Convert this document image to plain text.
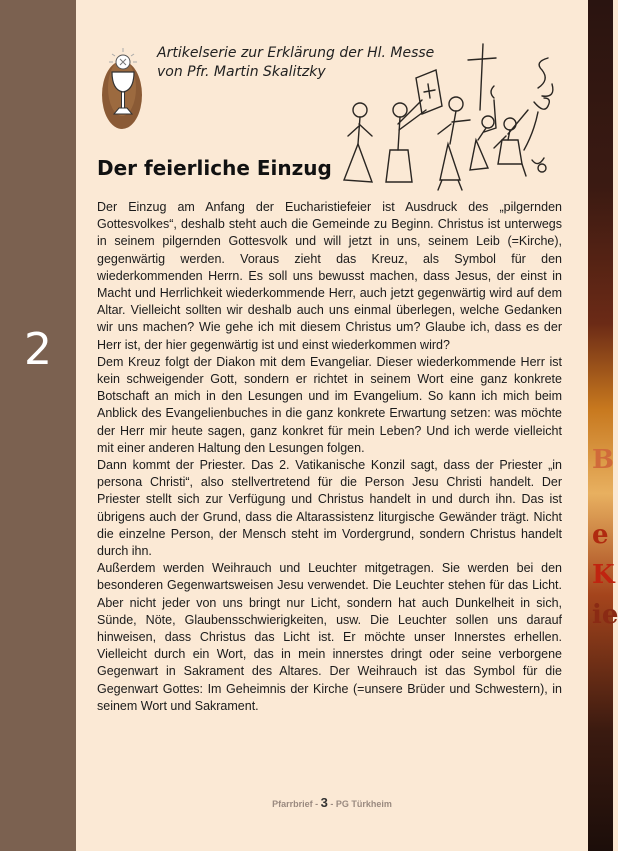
2
B
e
K
ie
Artikelserie zur Erklärung der Hl. Messe
von Pfr. Martin Skalitzky
Der feierliche Einzug

Der Einzug am Anfang der Eucharistiefeier ist Ausdruck des „pilgernden Gottesvolkes“, deshalb steht auch die Gemeinde zu Beginn. Christus ist unterwegs in seinem pilgernden Gottesvolk und will jetzt in uns, seinem Leib (=Kirche), gegenwärtig werden. Voraus zieht das Kreuz, als Symbol für den wiederkommenden Herrn. Es soll uns bewusst machen, dass Jesus, der einst in Macht und Herrlichkeit wiederkommende Herr, auch jetzt gegenwärtig wird auf dem Altar. Vielleicht sollten wir deshalb auch uns einmal überlegen, welche Gedanken wir uns machen? Wie gehe ich mit diesem Christus um? Glaube ich, dass es der Herr ist, der hier gegenwärtig ist und einst wiederkommen wird?

Dem Kreuz folgt der Diakon mit dem Evangeliar. Dieser wiederkommende Herr ist kein schweigender Gott, sondern er richtet in seinem Wort eine ganz konkrete Botschaft an mich in den Lesungen und im Evangelium. So kann ich mich beim Anblick des Evangelienbuches in die ganz konkrete Erwartung setzen: was möchte der Herr mir heute sagen, ganz konkret für mein Leben? Und ich werde vielleicht mit einer anderen Haltung den Lesungen folgen.

Dann kommt der Priester. Das 2. Vatikanische Konzil sagt, dass der Priester „in persona Christi“, also stellvertretend für die Person Jesu Christi handelt. Der Priester stellt sich zur Verfügung und Christus handelt in und durch ihn. Das ist übrigens auch der Grund, dass die Altarassistenz liturgische Gewänder trägt. Nicht die einzelne Person, der Mensch steht im Vordergrund, sondern Christus handelt durch ihn.

Außerdem werden Weihrauch und Leuchter mitgetragen. Sie werden bei den besonderen Gegenwartsweisen Jesu verwendet. Die Leuchter stehen für das Licht. Aber nicht jeder von uns bringt nur Licht, sondern hat auch Dunkelheit in sich, Sünde, Nöte, Glaubensschwierigkeiten, usw. Die Leuchter sollen uns darauf hinweisen, dass Christus das Licht ist. Er möchte unser Innerstes erhellen. Vielleicht durch ein Wort, das in mein innerstes dringt oder seine verborgene Gegenwart in Sakrament des Altares. Der Weihrauch ist das Symbol für die Gegenwart Gottes: Im Geheimnis der Kirche (=unsere Brüder und Schwestern), in seinem Wort und Sakrament.

Pfarrbrief - 3 - PG Türkheim
